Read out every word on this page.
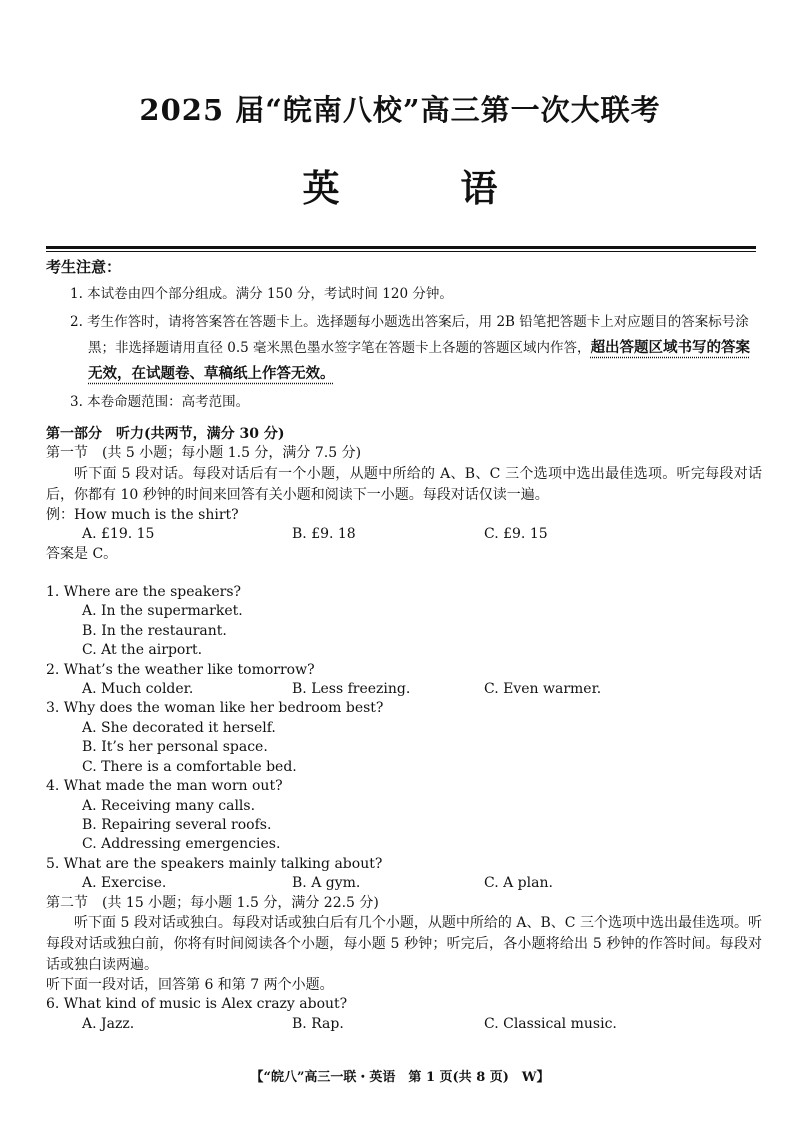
2025 届“皖南八校”高三第一次大联考
英 语
考生注意：
1. 本试卷由四个部分组成。满分 150 分，考试时间 120 分钟。
2. 考生作答时，请将答案答在答题卡上。选择题每小题选出答案后，用 2B 铅笔把答题卡上对应题目的答案标号涂黑；非选择题请用直径 0.5 毫米黑色墨水签字笔在答题卡上各题的答题区域内作答，超出答题区域书写的答案无效，在试题卷、草稿纸上作答无效。
3. 本卷命题范围：高考范围。
第一部分　听力(共两节，满分 30 分)
第一节　(共 5 小题；每小题 1.5 分，满分 7.5 分)

听下面 5 段对话。每段对话后有一个小题，从题中所给的 A、B、C 三个选项中选出最佳选项。听完每段对话后，你都有 10 秒钟的时间来回答有关小题和阅读下一小题。每段对话仅读一遍。

例：How much is the shirt?
A. £19. 15	B. £9. 18	C. £9. 15
答案是 C。
1. Where are the speakers?
A. In the supermarket.
B. In the restaurant.
C. At the airport.
2. What’s the weather like tomorrow?
A. Much colder.	B. Less freezing.	C. Even warmer.
3. Why does the woman like her bedroom best?
A. She decorated it herself.
B. It’s her personal space.
C. There is a comfortable bed.
4. What made the man worn out?
A. Receiving many calls.
B. Repairing several roofs.
C. Addressing emergencies.
5. What are the speakers mainly talking about?
A. Exercise.	B. A gym.	C. A plan.
第二节　(共 15 小题；每小题 1.5 分，满分 22.5 分)

听下面 5 段对话或独白。每段对话或独白后有几个小题，从题中所给的 A、B、C 三个选项中选出最佳选项。听每段对话或独白前，你将有时间阅读各个小题，每小题 5 秒钟；听完后，各小题将给出 5 秒钟的作答时间。每段对话或独白读两遍。

听下面一段对话，回答第 6 和第 7 两个小题。
6. What kind of music is Alex crazy about?
A. Jazz.	B. Rap.	C. Classical music.
【“皖八”高三一联・英语　第 1 页(共 8 页)　W】
